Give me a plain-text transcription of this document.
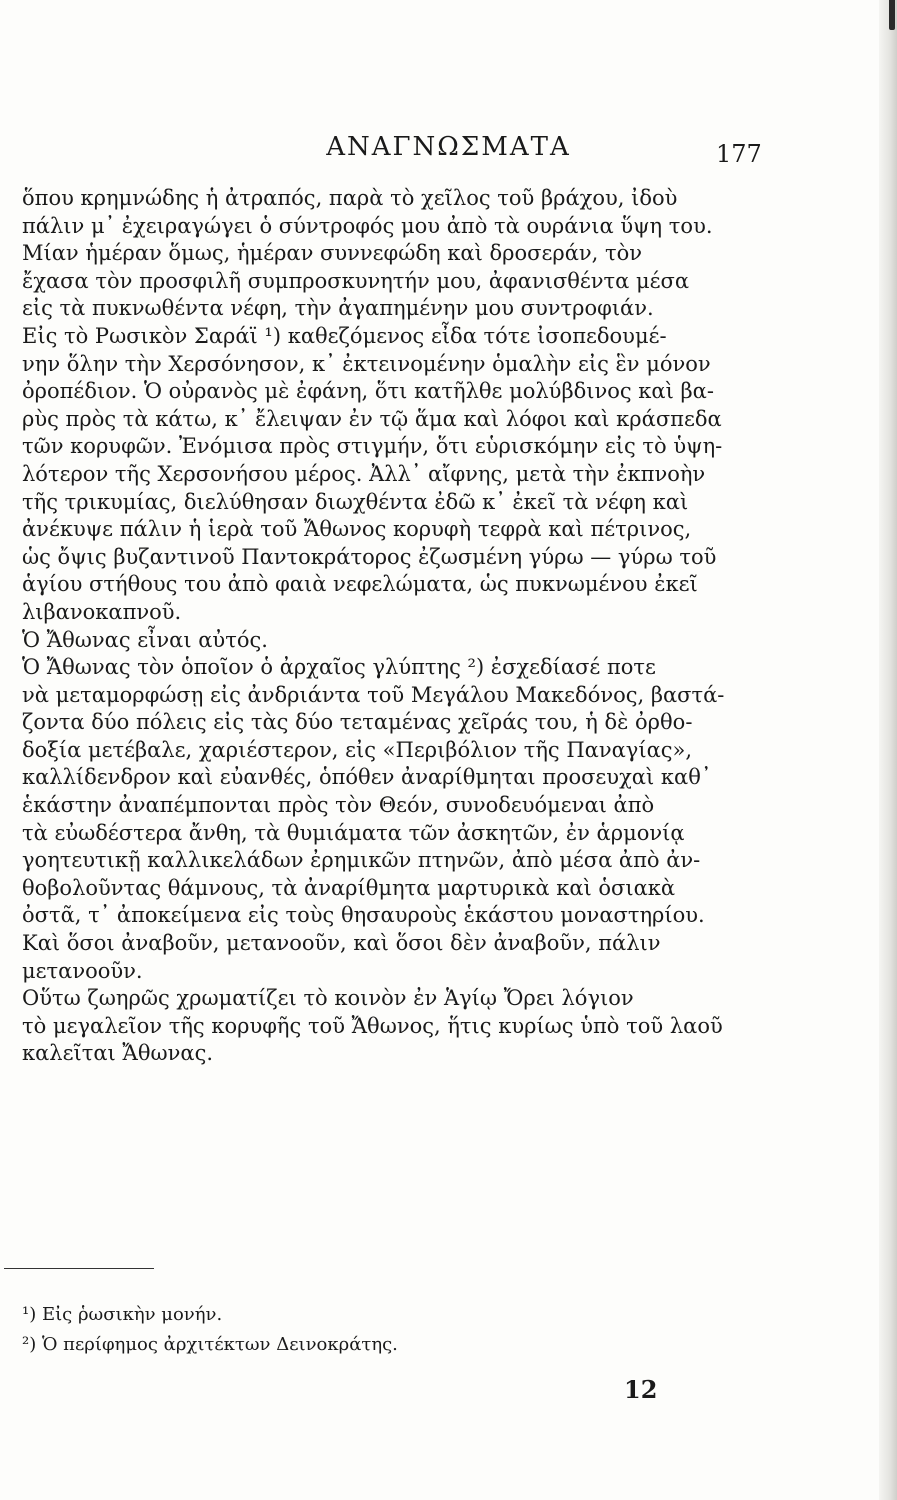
ΑΝΑΓΝΩΣΜΑΤΑ	177
ὅπου κρημνώδης ἡ ἀτραπός, παρὰ τὸ χεῖλος τοῦ βράχου, ἰδοὺ
πάλιν μ᾽ ἐχειραγώγει ὁ σύντροφός μου ἀπὸ τὰ ουράνια ὕψη του.
Μίαν ἡμέραν ὅμως, ἡμέραν συννεφώδη καὶ δροσεράν, τὸν
ἔχασα τὸν προσφιλῆ συμπροσκυνητήν μου, ἀφανισθέντα μέσα
εἰς τὰ πυκνωθέντα νέφη, τὴν ἀγαπημένην μου συντροφιάν.
Εἰς τὸ Ρωσικὸν Σαράϊ ¹) καθεζόμενος εἶδα τότε ἰσοπεδουμέ-
νην ὅλην τὴν Χερσόνησον, κ᾽ ἐκτεινομένην ὁμαλὴν εἰς ἓν μόνον
ὀροπέδιον. Ὁ οὐρανὸς μὲ ἐφάνη, ὅτι κατῆλθε μολύβδινος καὶ βα-
ρὺς πρὸς τὰ κάτω, κ᾽ ἔλειψαν ἐν τῷ ἅμα καὶ λόφοι καὶ κράσπεδα
τῶν κορυφῶν. Ἐνόμισα πρὸς στιγμήν, ὅτι εὑρισκόμην εἰς τὸ ὑψη-
λότερον τῆς Χερσονήσου μέρος. Ἀλλ᾽ αἴφνης, μετὰ τὴν ἐκπνοὴν
τῆς τρικυμίας, διελύθησαν διωχθέντα ἐδῶ κ᾽ ἐκεῖ τὰ νέφη καὶ
ἀνέκυψε πάλιν ἡ ἱερὰ τοῦ Ἄθωνος κορυφὴ τεφρὰ καὶ πέτρινος,
ὡς ὄψις βυζαντινοῦ Παντοκράτορος ἐζωσμένη γύρω — γύρω τοῦ
ἁγίου στήθους του ἀπὸ φαιὰ νεφελώματα, ὡς πυκνωμένου ἐκεῖ
λιβανοκαπνοῦ.
Ὁ Ἄθωνας εἶναι αὐτός.
Ὁ Ἄθωνας τὸν ὁποῖον ὁ ἀρχαῖος γλύπτης ²) ἐσχεδίασέ ποτε
νὰ μεταμορφώσῃ εἰς ἀνδριάντα τοῦ Μεγάλου Μακεδόνος, βαστά-
ζοντα δύο πόλεις εἰς τὰς δύο τεταμένας χεῖράς του, ἡ δὲ ὀρθο-
δοξία μετέβαλε, χαριέστερον, εἰς «Περιβόλιον τῆς Παναγίας»,
καλλίδενδρον καὶ εὐανθές, ὁπόθεν ἀναρίθμηται προσευχαὶ καθ᾽
ἑκάστην ἀναπέμπονται πρὸς τὸν Θεόν, συνοδευόμεναι ἀπὸ
τὰ εὐωδέστερα ἄνθη, τὰ θυμιάματα τῶν ἀσκητῶν, ἐν ἁρμονίᾳ
γοητευτικῇ καλλικελάδων ἐρημικῶν πτηνῶν, ἀπὸ μέσα ἀπὸ ἀν-
θοβολοῦντας θάμνους, τὰ ἀναρίθμητα μαρτυρικὰ καὶ ὁσιακὰ
ὀστᾶ, τ᾽ ἀποκείμενα εἰς τοὺς θησαυροὺς ἑκάστου μοναστηρίου.
Καὶ ὅσοι ἀναβοῦν, μετανοοῦν, καὶ ὅσοι δὲν ἀναβοῦν, πάλιν
μετανοοῦν.
Οὕτω ζωηρῶς χρωματίζει τὸ κοινὸν ἐν Ἁγίῳ Ὄρει λόγιον
τὸ μεγαλεῖον τῆς κορυφῆς τοῦ Ἄθωνος, ἥτις κυρίως ὑπὸ τοῦ λαοῦ
καλεῖται Ἄθωνας.
¹) Εἰς ῥωσικὴν μονήν.
²) Ὁ περίφημος ἀρχιτέκτων Δεινοκράτης.
12
